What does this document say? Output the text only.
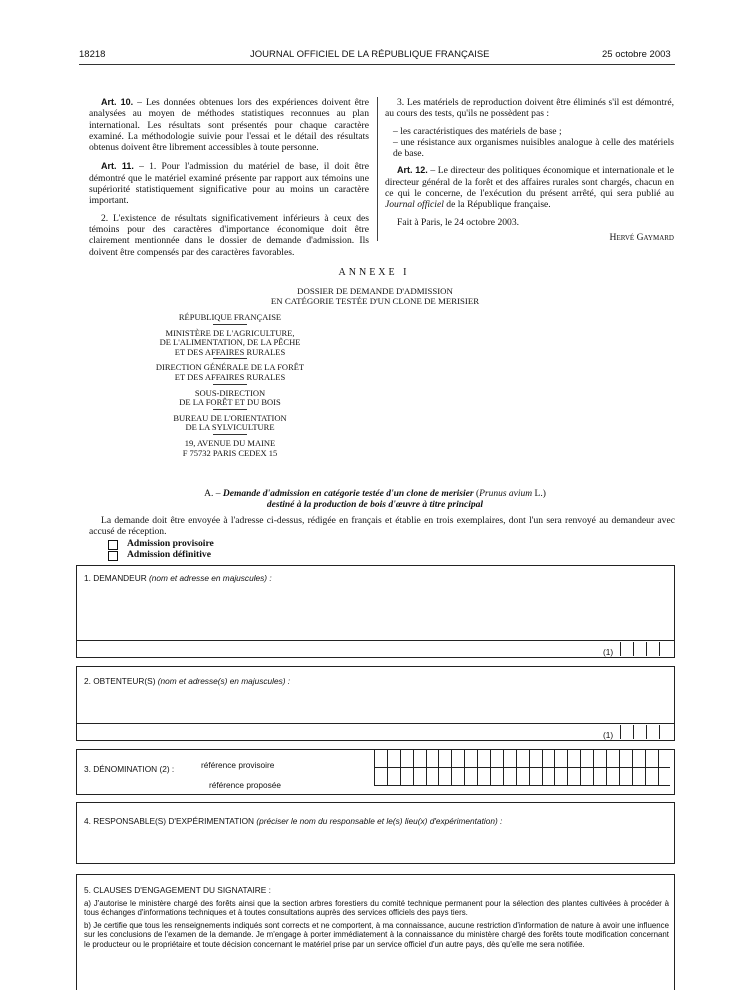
18218	JOURNAL OFFICIEL DE LA RÉPUBLIQUE FRANÇAISE	25 octobre 2003

Art. 10. – Les données obtenues lors des expériences doivent être analysées au moyen de méthodes statistiques reconnues au plan international. Les résultats sont présentés pour chaque caractère examiné. La méthodologie suivie pour l'essai et le détail des résultats obtenus doivent être librement accessibles à toute personne.

Art. 11. – 1. Pour l'admission du matériel de base, il doit être démontré que le matériel examiné présente par rapport aux témoins une supériorité statistiquement significative pour au moins un caractère important.

2. L'existence de résultats significativement inférieurs à ceux des témoins pour des caractères d'importance économique doit être clairement mentionnée dans le dossier de demande d'admission. Ils doivent être compensés par des caractères favorables.

3. Les matériels de reproduction doivent être éliminés s'il est démontré, au cours des tests, qu'ils ne possèdent pas :

– les caractéristiques des matériels de base ;
– une résistance aux organismes nuisibles analogue à celle des matériels de base.

Art. 12. – Le directeur des politiques économique et internationale et le directeur général de la forêt et des affaires rurales sont chargés, chacun en ce qui le concerne, de l'exécution du présent arrêté, qui sera publié au Journal officiel de la République française.

Fait à Paris, le 24 octobre 2003.

Hervé Gaymard
ANNEXE I
DOSSIER DE DEMANDE D'ADMISSION
EN CATÉGORIE TESTÉE D'UN CLONE DE MERISIER
RÉPUBLIQUE FRANÇAISE
MINISTÈRE DE L'AGRICULTURE,
DE L'ALIMENTATION, DE LA PÊCHE
ET DES AFFAIRES RURALES
DIRECTION GÉNÉRALE DE LA FORÊT
ET DES AFFAIRES RURALES
SOUS-DIRECTION
DE LA FORÊT ET DU BOIS
BUREAU DE L'ORIENTATION
DE LA SYLVICULTURE
19, AVENUE DU MAINE
F 75732 PARIS CEDEX 15
A. – Demande d'admission en catégorie testée d'un clone de merisier (Prunus avium L.)
destiné à la production de bois d'œuvre à titre principal

La demande doit être envoyée à l'adresse ci-dessus, rédigée en français et établie en trois exemplaires, dont l'un sera renvoyé au demandeur avec accusé de réception.

Admission provisoire
Admission définitive
1. DEMANDEUR (nom et adresse en majuscules) :
(1)
2. OBTENTEUR(S) (nom et adresse(s) en majuscules) :
(1)
3. DÉNOMINATION (2) :	référence provisoire
référence proposée
4. RESPONSABLE(S) D'EXPÉRIMENTATION (préciser le nom du responsable et le(s) lieu(x) d'expérimentation) :
5. CLAUSES D'ENGAGEMENT DU SIGNATAIRE :
a) J'autorise le ministère chargé des forêts ainsi que la section arbres forestiers du comité technique permanent pour la sélection des plantes cultivées à procéder à tous échanges d'informations techniques et à toutes consultations auprès des services officiels des pays tiers.
b) Je certifie que tous les renseignements indiqués sont corrects et ne comportent, à ma connaissance, aucune restriction d'information de nature à avoir une influence sur les conclusions de l'examen de la demande. Je m'engage à porter immédiatement à la connaissance du ministère chargé des forêts toute modification concernant le producteur ou le propriétaire et toute décision concernant le matériel prise par un service officiel d'un autre pays, dès qu'elle me sera notifiée.
